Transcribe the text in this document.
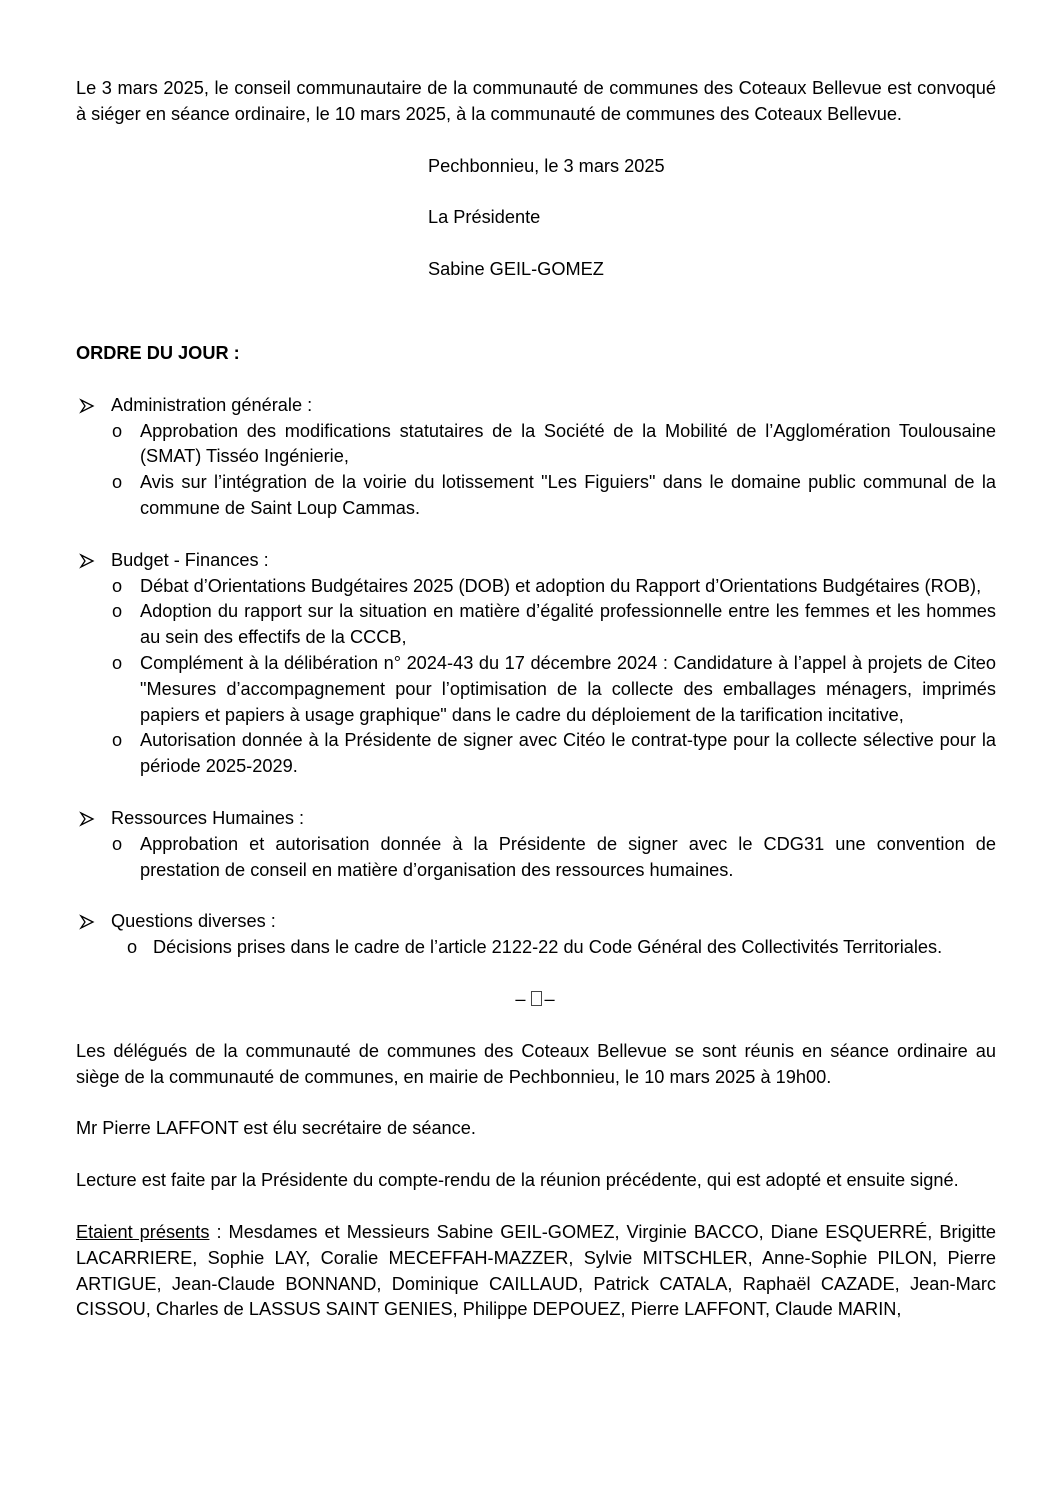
Le 3 mars 2025, le conseil communautaire de la communauté de communes des Coteaux Bellevue est convoqué à siéger en séance ordinaire, le 10 mars 2025, à la communauté de communes des Coteaux Bellevue.

Pechbonnieu, le 3 mars 2025

La Présidente

Sabine GEIL-GOMEZ

ORDRE DU JOUR :

Administration générale :

o Approbation des modifications statutaires de la Société de la Mobilité de l’Agglomération Toulousaine (SMAT) Tisséo Ingénierie,
o Avis sur l’intégration de la voirie du lotissement "Les Figuiers" dans le domaine public communal de la commune de Saint Loup Cammas.

Budget - Finances :

o Débat d’Orientations Budgétaires 2025 (DOB) et adoption du Rapport d’Orientations Budgétaires (ROB),
o Adoption du rapport sur la situation en matière d’égalité professionnelle entre les femmes et les hommes au sein des effectifs de la CCCB,
o Complément à la délibération n° 2024-43 du 17 décembre 2024 : Candidature à l’appel à projets de Citeo "Mesures d’accompagnement pour l’optimisation de la collecte des emballages ménagers, imprimés papiers et papiers à usage graphique" dans le cadre du déploiement de la tarification incitative,
o Autorisation donnée à la Présidente de signer avec Citéo le contrat-type pour la collecte sélective pour la période 2025-2029.

Ressources Humaines :

o Approbation et autorisation donnée à la Présidente de signer avec le CDG31 une convention de prestation de conseil en matière d’organisation des ressources humaines.

Questions diverses :

o Décisions prises dans le cadre de l’article 2122-22 du Code Général des Collectivités Territoriales.
– –

Les délégués de la communauté de communes des Coteaux Bellevue se sont réunis en séance ordinaire au siège de la communauté de communes, en mairie de Pechbonnieu, le 10 mars 2025 à 19h00.

Mr Pierre LAFFONT est élu secrétaire de séance.

Lecture est faite par la Présidente du compte-rendu de la réunion précédente, qui est adopté et ensuite signé.

Etaient présents : Mesdames et Messieurs Sabine GEIL-GOMEZ, Virginie BACCO, Diane ESQUERRÉ, Brigitte LACARRIERE, Sophie LAY, Coralie MECEFFAH-MAZZER, Sylvie MITSCHLER, Anne-Sophie PILON, Pierre ARTIGUE, Jean-Claude BONNAND, Dominique CAILLAUD, Patrick CATALA, Raphaël CAZADE, Jean-Marc CISSOU, Charles de LASSUS SAINT GENIES, Philippe DEPOUEZ, Pierre LAFFONT, Claude MARIN,
